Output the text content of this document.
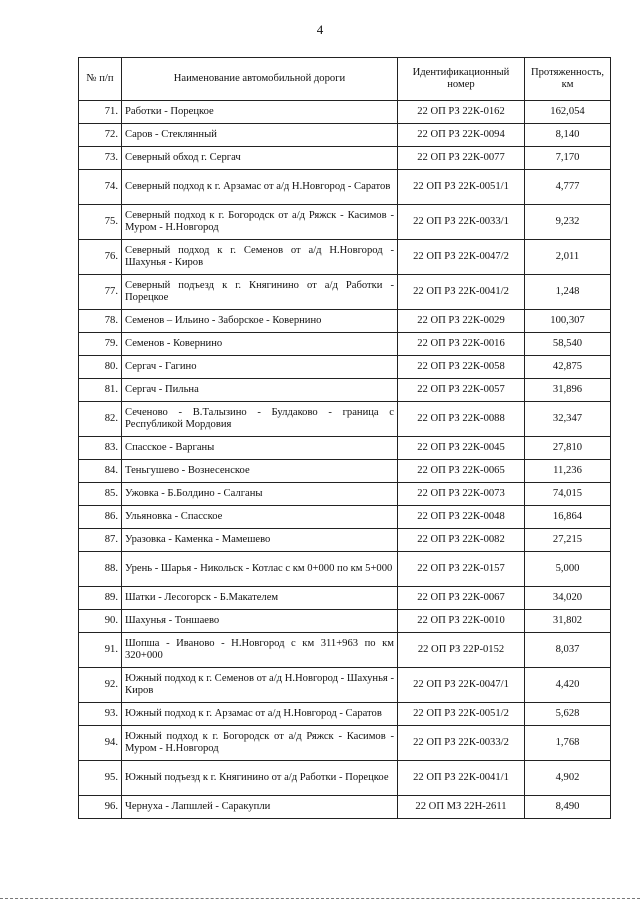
4
№ п/п	Наименование автомобильной дороги	Идентификационный номер	Протяженность, км
71.	Работки - Порецкое	22 ОП РЗ 22К-0162	162,054
72.	Саров - Стеклянный	22 ОП РЗ 22К-0094	8,140
73.	Северный обход г. Сергач	22 ОП РЗ 22К-0077	7,170
74.	Северный подход к г. Арзамас от а/д Н.Новгород - Саратов	22 ОП РЗ 22К-0051/1	4,777
75.	Северный подход к г. Богородск от а/д Ряжск - Касимов - Муром - Н.Новгород	22 ОП РЗ 22К-0033/1	9,232
76.	Северный подход к г. Семенов от а/д Н.Новгород - Шахунья - Киров	22 ОП РЗ 22К-0047/2	2,011
77.	Северный подъезд к г. Княгинино от а/д Работки - Порецкое	22 ОП РЗ 22К-0041/2	1,248
78.	Семенов – Ильино - Заборское - Ковернино	22 ОП РЗ 22К-0029	100,307
79.	Семенов - Ковернино	22 ОП РЗ 22К-0016	58,540
80.	Сергач - Гагино	22 ОП РЗ 22К-0058	42,875
81.	Сергач - Пильна	22 ОП РЗ 22К-0057	31,896
82.	Сеченово - В.Талызино - Булдаково - граница с Республикой Мордовия	22 ОП РЗ 22К-0088	32,347
83.	Спасское - Варганы	22 ОП РЗ 22К-0045	27,810
84.	Теньгушево - Вознесенское	22 ОП РЗ 22К-0065	11,236
85.	Ужовка - Б.Болдино - Салганы	22 ОП РЗ 22К-0073	74,015
86.	Ульяновка - Спасское	22 ОП РЗ 22К-0048	16,864
87.	Уразовка - Каменка - Мамешево	22 ОП РЗ 22К-0082	27,215
88.	Урень - Шарья - Никольск - Котлас с км 0+000 по км 5+000	22 ОП РЗ 22К-0157	5,000
89.	Шатки - Лесогорск - Б.Макателем	22 ОП РЗ 22К-0067	34,020
90.	Шахунья - Тоншаево	22 ОП РЗ 22К-0010	31,802
91.	Шопша - Иваново - Н.Новгород с км 311+963 по км 320+000	22 ОП РЗ 22Р-0152	8,037
92.	Южный подход к г. Семенов от а/д Н.Новгород - Шахунья - Киров	22 ОП РЗ 22К-0047/1	4,420
93.	Южный подход к г. Арзамас от а/д Н.Новгород - Саратов	22 ОП РЗ 22К-0051/2	5,628
94.	Южный подход к г. Богородск от а/д Ряжск - Касимов - Муром - Н.Новгород	22 ОП РЗ 22К-0033/2	1,768
95.	Южный подъезд к г. Княгинино от а/д Работки - Порецкое	22 ОП РЗ 22К-0041/1	4,902
96.	Чернуха - Лапшлей - Саракупли	22 ОП МЗ 22Н-2611	8,490
